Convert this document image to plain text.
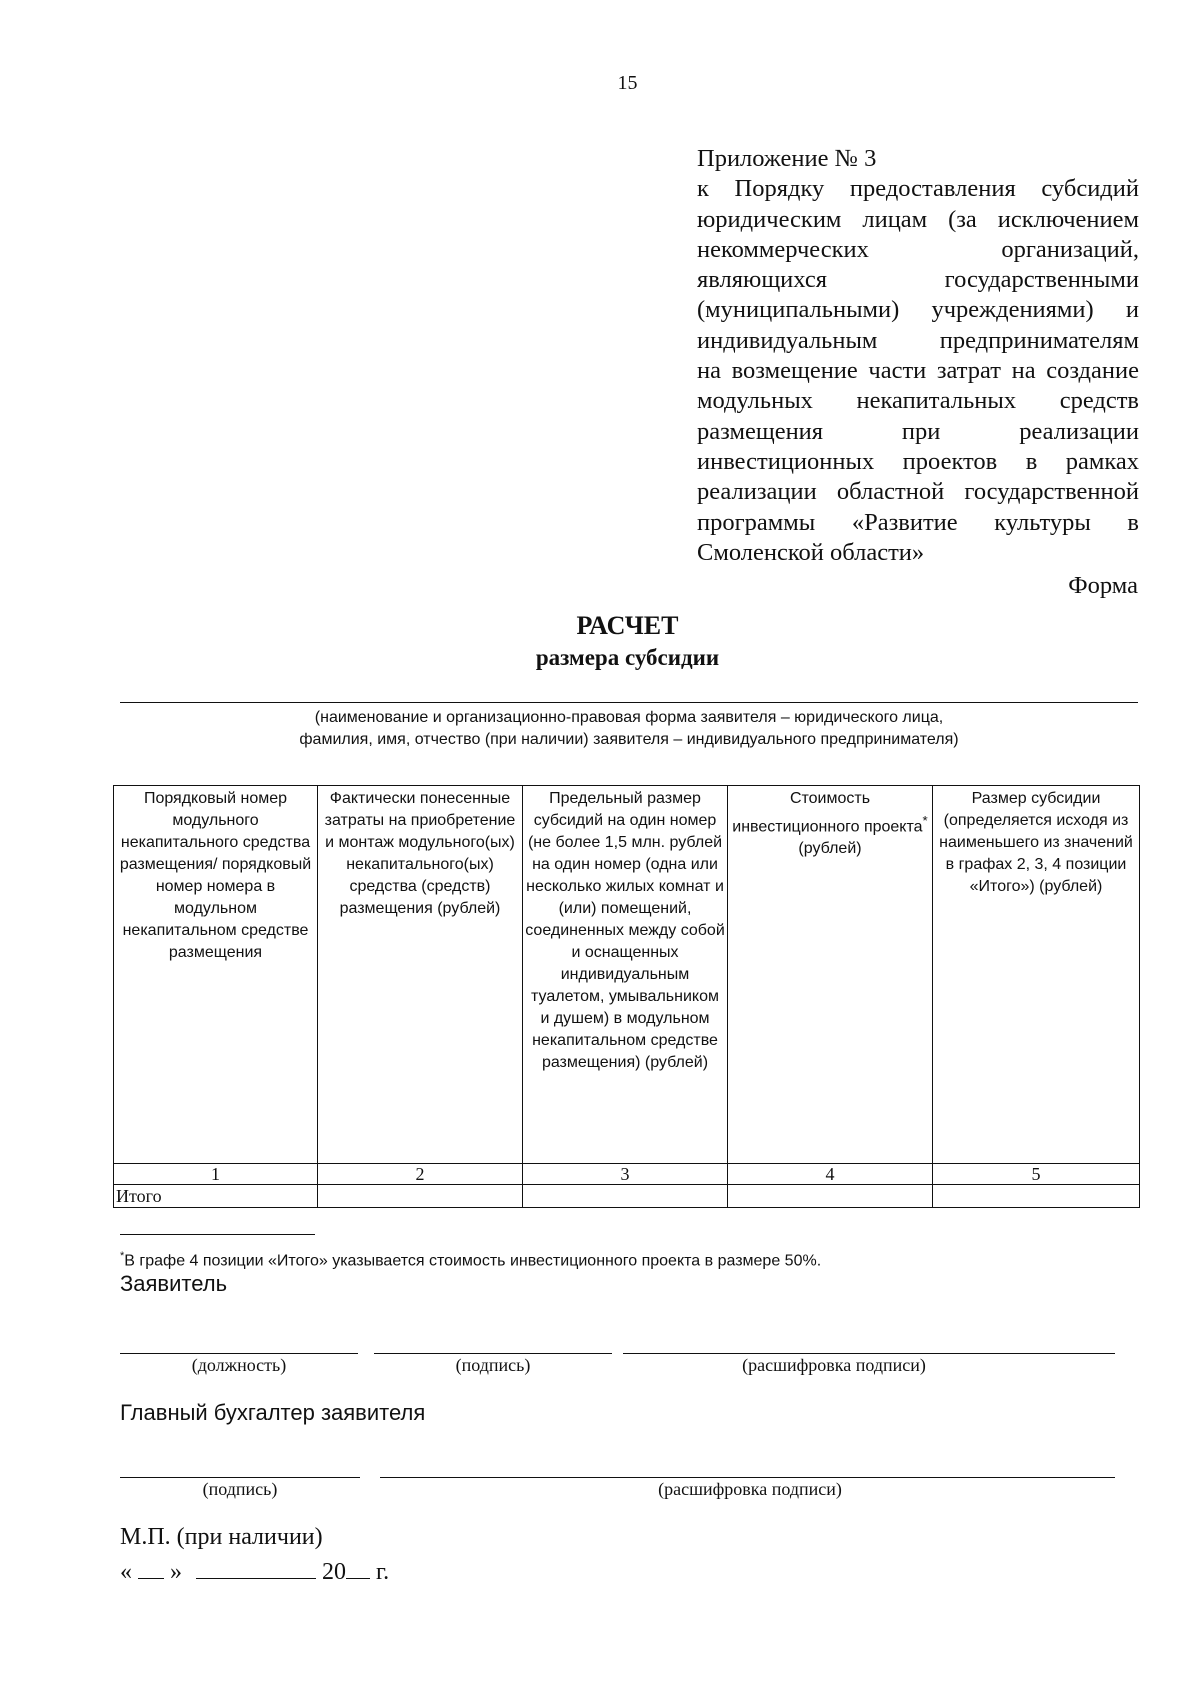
15
Приложение № 3
к Порядку предоставления субсидий
юридическим лицам (за исключением
некоммерческих организаций,
являющихся государственными
(муниципальными) учреждениями) и
индивидуальным предпринимателям
на возмещение части затрат на создание
модульных некапитальных средств
размещения при реализации
инвестиционных проектов в рамках
реализации областной государственной
программы «Развитие культуры в
Смоленской области»
Форма
РАСЧЕТ
размера субсидии
(наименование и организационно-правовая форма заявителя – юридического лица,
фамилия, имя, отчество (при наличии) заявителя – индивидуального предпринимателя)
Порядковый номер модульного некапитального средства размещения/ порядковый номер номера в модульном некапитальном средстве размещения	Фактически понесенные затраты на приобретение и монтаж модульного(ых) некапитального(ых) средства (средств) размещения (рублей)	Предельный размер субсидий на один номер (не более 1,5 млн. рублей на один номер (одна или несколько жилых комнат и (или) помещений, соединенных между собой и оснащенных индивидуальным туалетом, умывальником и душем) в модульном некапитальном средстве размещения) (рублей)	Стоимость инвестиционного проекта* (рублей)	Размер субсидии (определяется исходя из наименьшего из значений в графах 2, 3, 4 позиции «Итого») (рублей)
1	2	3	4	5
Итого				
*В графе 4 позиции «Итого» указывается стоимость инвестиционного проекта в размере 50%.
Заявитель
(должность)	(подпись)	(расшифровка подписи)
Главный бухгалтер заявителя
(подпись)	(расшифровка подписи)
М.П. (при наличии)
« »	20 г.
